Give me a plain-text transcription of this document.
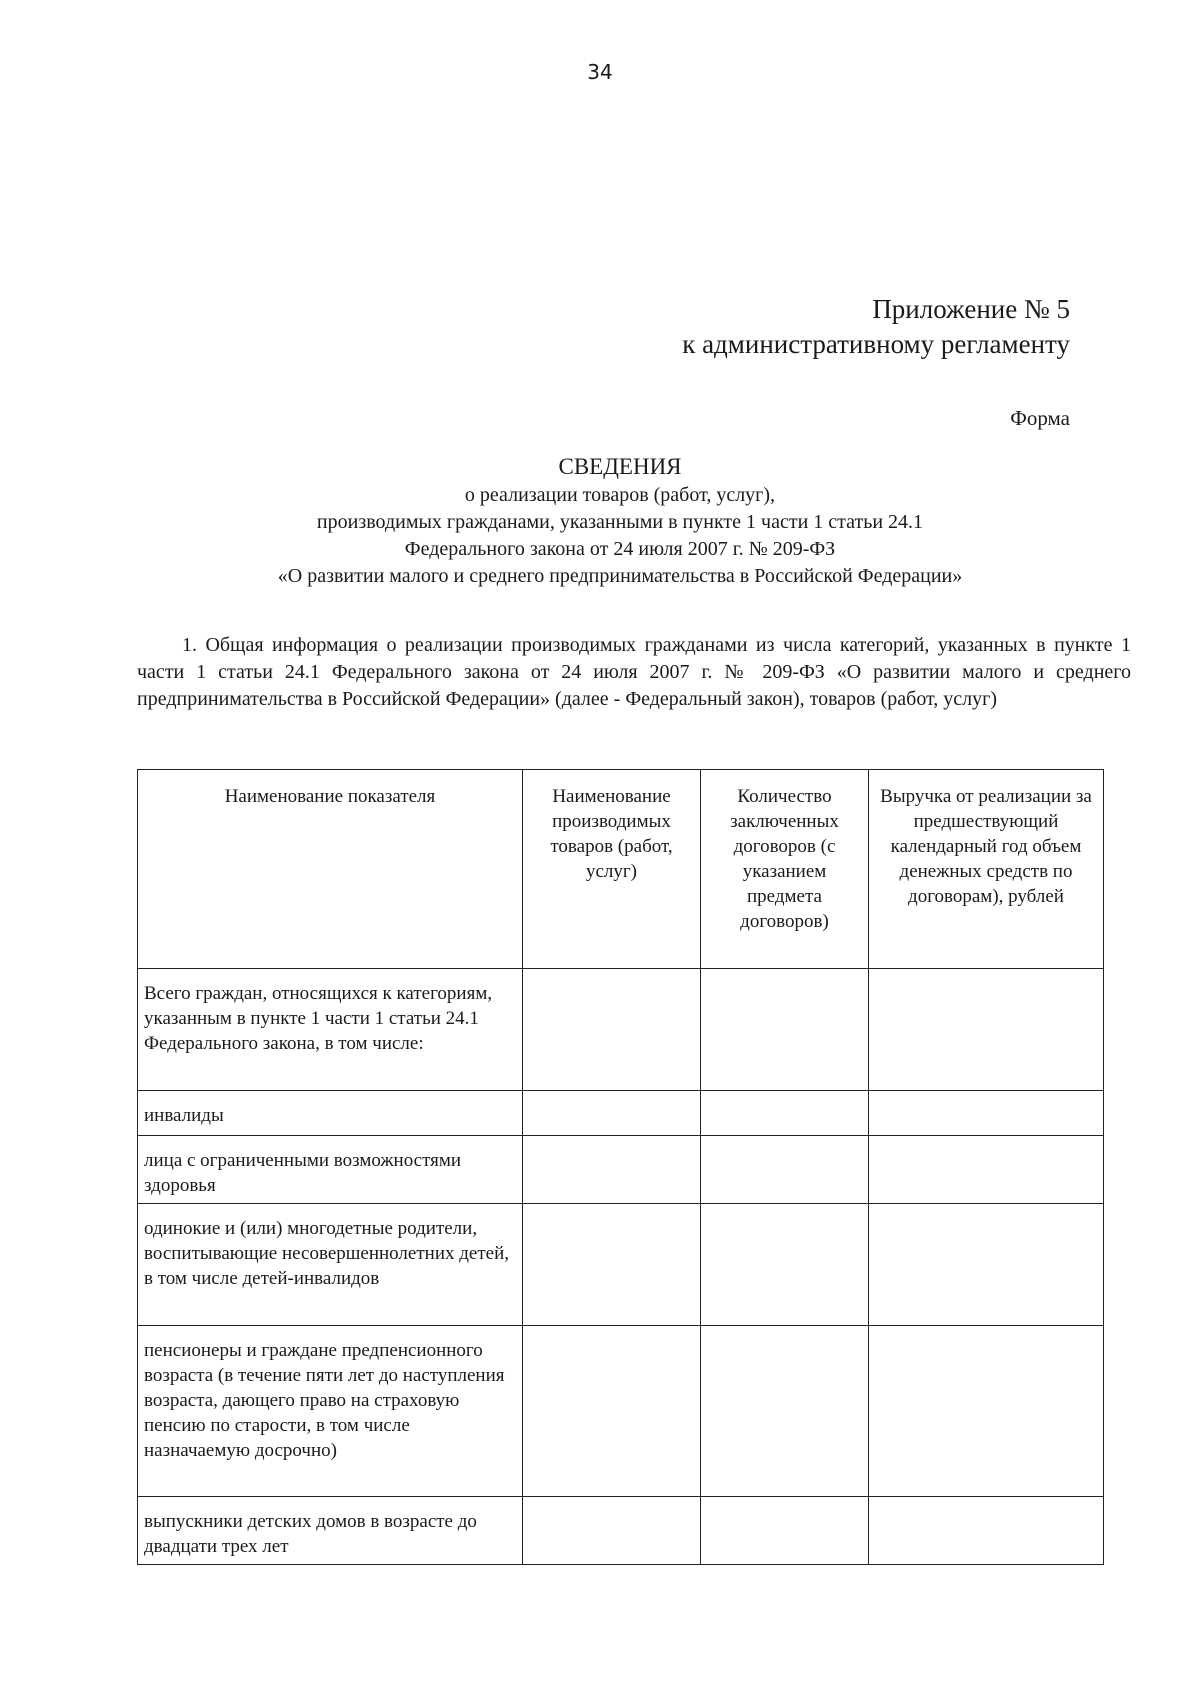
34
Приложение № 5
к административному регламенту
Форма
СВЕДЕНИЯ
о реализации товаров (работ, услуг),
производимых гражданами, указанными в пункте 1 части 1 статьи 24.1
Федерального закона от 24 июля 2007 г. № 209-ФЗ
«О развитии малого и среднего предпринимательства в Российской Федерации»
1. Общая информация о реализации производимых гражданами из числа категорий, указанных в пункте 1 части 1 статьи 24.1 Федерального закона от 24 июля 2007 г. № 209-ФЗ «О развитии малого и среднего предпринимательства в Российской Федерации» (далее - Федеральный закон), товаров (работ, услуг)
Наименование показателя	Наименование производимых товаров (работ, услуг)	Количество заключенных договоров (с указанием предмета договоров)	Выручка от реализации за предшествующий календарный год объем денежных средств по договорам), рублей
Всего граждан, относящихся к категориям, указанным в пункте 1 части 1 статьи 24.1 Федерального закона, в том числе:			
инвалиды			
лица с ограниченными возможностями здоровья			
одинокие и (или) многодетные родители, воспитывающие несовершеннолетних детей, в том числе детей-инвалидов			
пенсионеры и граждане предпенсионного возраста (в течение пяти лет до наступления возраста, дающего право на страховую пенсию по старости, в том числе назначаемую досрочно)			
выпускники детских домов в возрасте до двадцати трех лет			
